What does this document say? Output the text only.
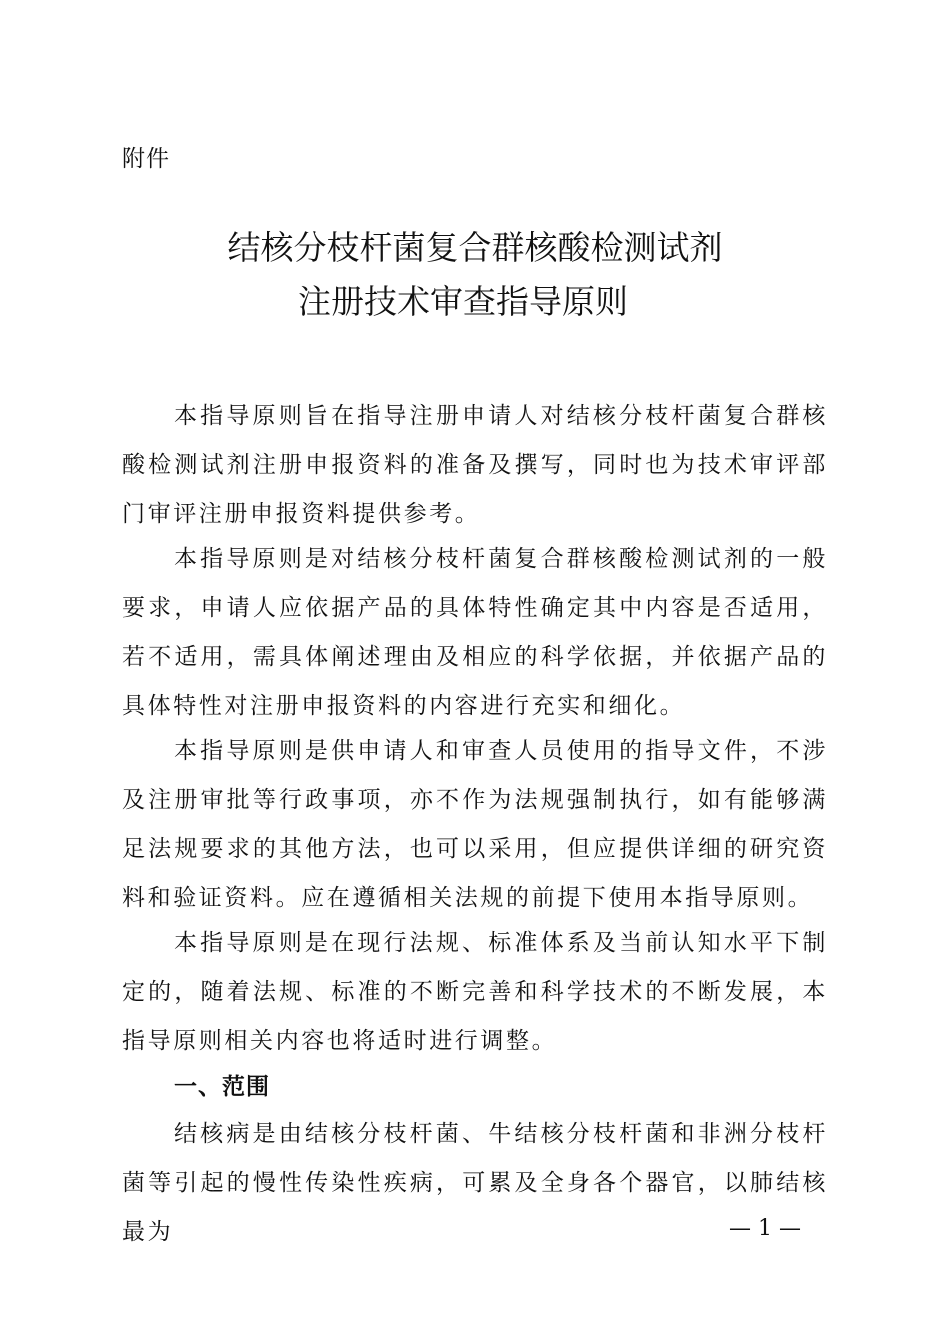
附件
结核分枝杆菌复合群核酸检测试剂
注册技术审查指导原则

本指导原则旨在指导注册申请人对结核分枝杆菌复合群核酸检测试剂注册申报资料的准备及撰写，同时也为技术审评部门审评注册申报资料提供参考。

本指导原则是对结核分枝杆菌复合群核酸检测试剂的一般要求，申请人应依据产品的具体特性确定其中内容是否适用，若不适用，需具体阐述理由及相应的科学依据，并依据产品的具体特性对注册申报资料的内容进行充实和细化。

本指导原则是供申请人和审查人员使用的指导文件，不涉及注册审批等行政事项，亦不作为法规强制执行，如有能够满足法规要求的其他方法，也可以采用，但应提供详细的研究资料和验证资料。应在遵循相关法规的前提下使用本指导原则。

本指导原则是在现行法规、标准体系及当前认知水平下制定的，随着法规、标准的不断完善和科学技术的不断发展，本指导原则相关内容也将适时进行调整。

一、范围

结核病是由结核分枝杆菌、牛结核分枝杆菌和非洲分枝杆菌等引起的慢性传染性疾病，可累及全身各个器官，以肺结核最为	— 1 —
